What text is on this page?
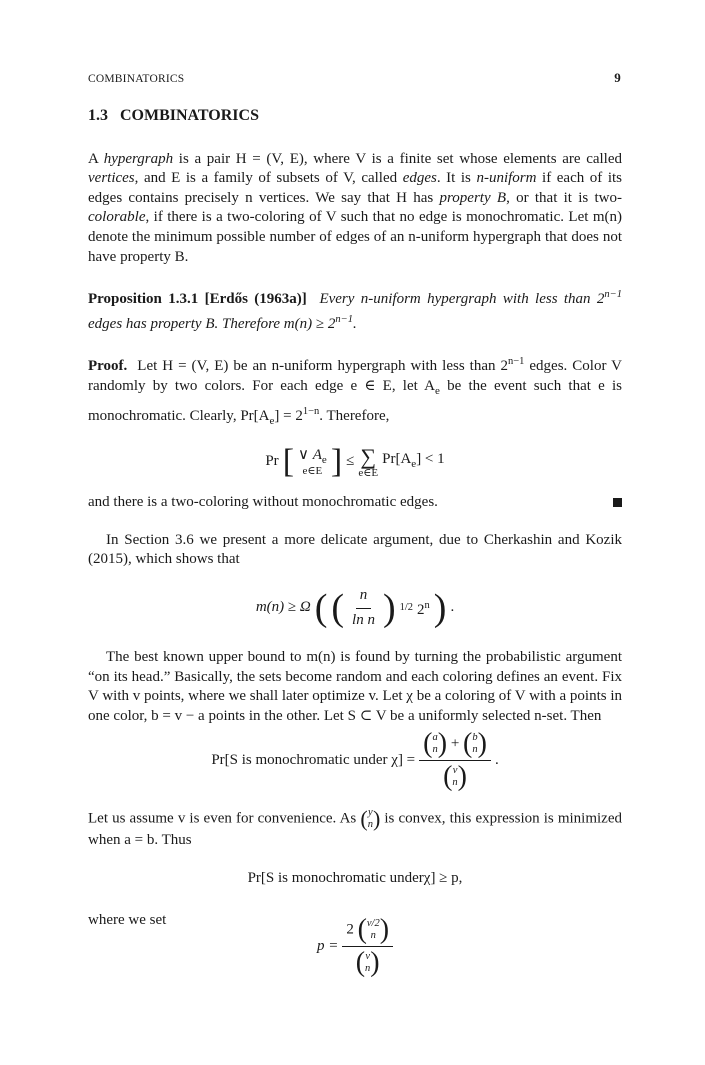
COMBINATORICS	9
1.3 COMBINATORICS

A hypergraph is a pair H = (V, E), where V is a finite set whose elements are called vertices, and E is a family of subsets of V, called edges. It is n-uniform if each of its edges contains precisely n vertices. We say that H has property B, or that it is two-colorable, if there is a two-coloring of V such that no edge is monochromatic. Let m(n) denote the minimum possible number of edges of an n-uniform hypergraph that does not have property B.

Proposition 1.3.1 [Erdős (1963a)] Every n-uniform hypergraph with less than $2^{n-1}$ edges has property B. Therefore $m(n) \ge 2^{n-1}$.

Proof. Let H = (V, E) be an n-uniform hypergraph with less than $2^{n-1}$ edges. Color V randomly by two colors. For each edge e ∈ E, let $A_e$ be the event such that e is monochromatic. Clearly, $Pr[A_e] = 2^{1-n}$. Therefore,

Pr [ ∨ $A_e$
e∈E ] ≤ ∑
e∈E
$Pr[A_e] < 1$

and there is a two-coloring without monochromatic edges.

In Section 3.6 we present a more delicate argument, due to Cherkashin and Kozik (2015), which shows that

m(n) ≥ Ω ( ( $\frac{n}{\text{ln n}}$ ) 1/2 2$^n$ ) .

The best known upper bound to m(n) is found by turning the probabilistic argument “on its head.” Basically, the sets become random and each coloring defines an event. Fix V with v points, where we shall later optimize v. Let χ be a coloring of V with a points in one color, b = v − a points in the other. Let S ⊂ V be a uniformly selected n-set. Then

Pr[S is monochromatic under χ] = ( a
n ) + ( b
n )
( v
n ) .

Let us assume v is even for convenience. As ( y
n ) is convex, this expression is minimized when a = b. Thus

Pr[S is monochromatic underχ] ≥ p,

where we set

p = 2 ( v/2
n )
( v
n )
